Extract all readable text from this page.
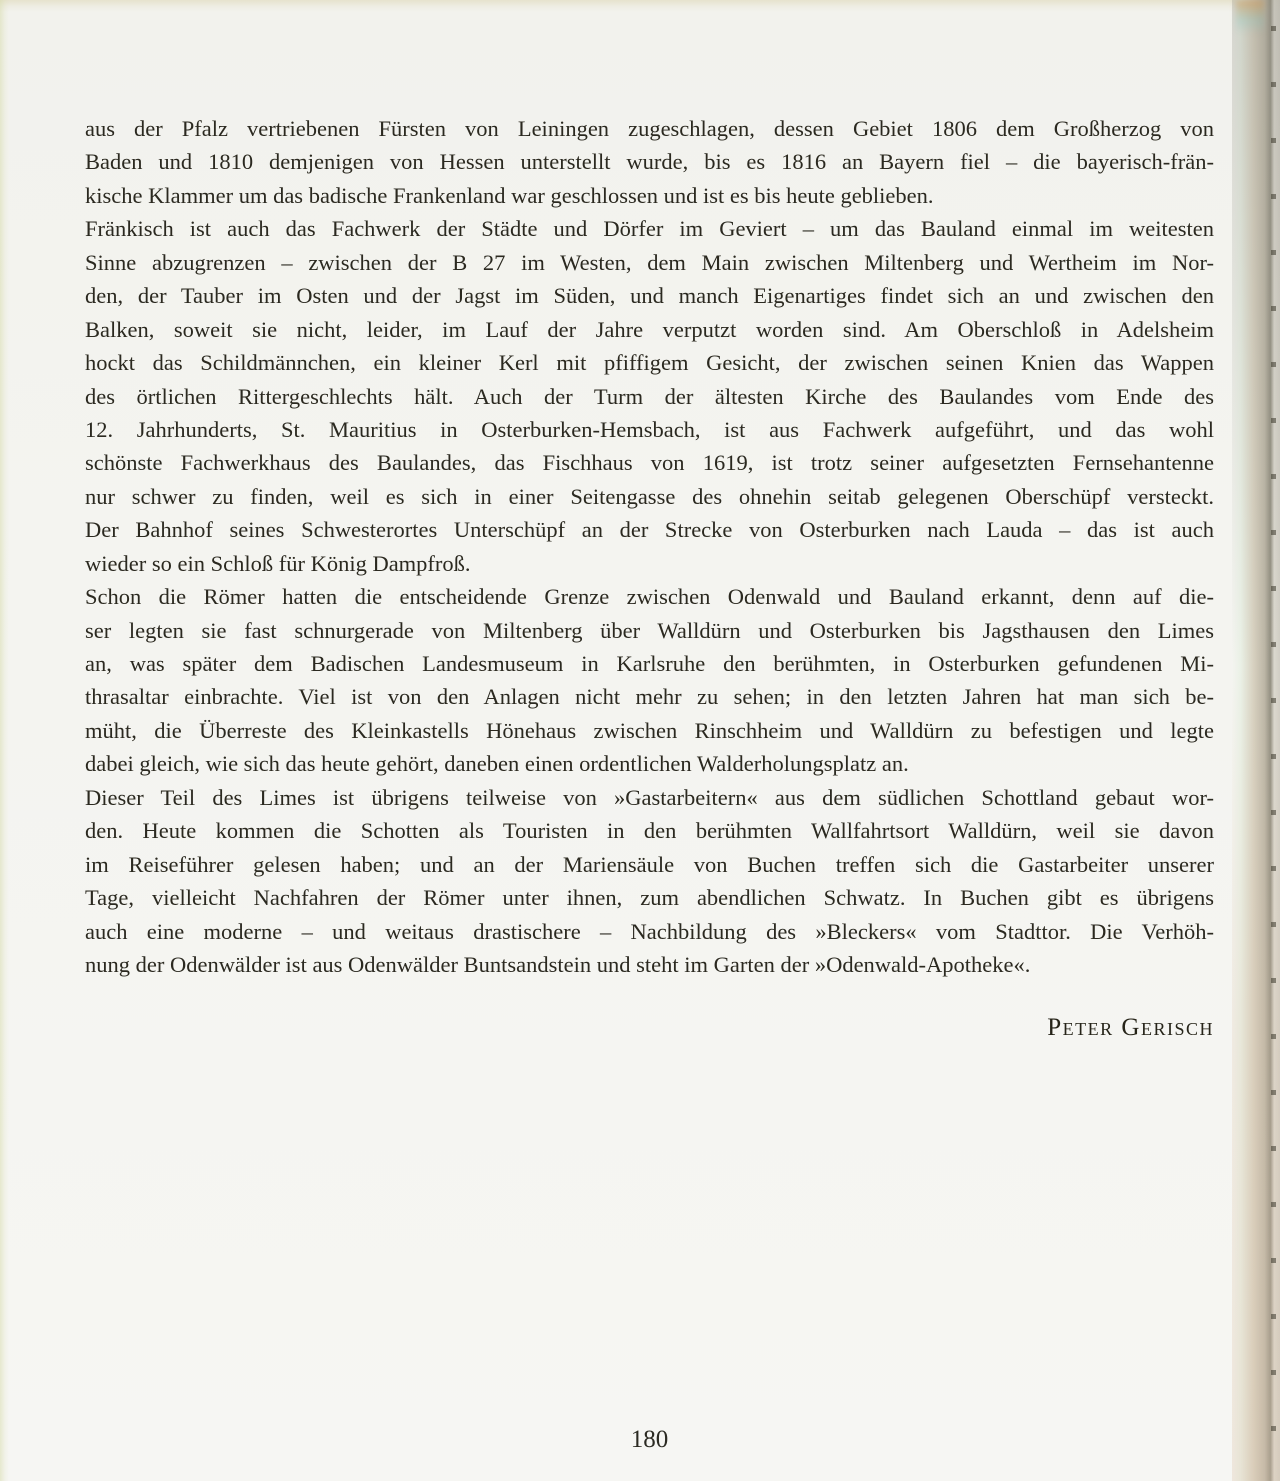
aus der Pfalz vertriebenen Fürsten von Leiningen zugeschlagen, dessen Gebiet 1806 dem Großherzog von
Baden und 1810 demjenigen von Hessen unterstellt wurde, bis es 1816 an Bayern fiel – die bayerisch-frän-
kische Klammer um das badische Frankenland war geschlossen und ist es bis heute geblieben.
Fränkisch ist auch das Fachwerk der Städte und Dörfer im Geviert – um das Bauland einmal im weitesten
Sinne abzugrenzen – zwischen der B 27 im Westen, dem Main zwischen Miltenberg und Wertheim im Nor-
den, der Tauber im Osten und der Jagst im Süden, und manch Eigenartiges findet sich an und zwischen den
Balken, soweit sie nicht, leider, im Lauf der Jahre verputzt worden sind. Am Oberschloß in Adelsheim
hockt das Schildmännchen, ein kleiner Kerl mit pfiffigem Gesicht, der zwischen seinen Knien das Wappen
des örtlichen Rittergeschlechts hält. Auch der Turm der ältesten Kirche des Baulandes vom Ende des
12. Jahrhunderts, St. Mauritius in Osterburken-Hemsbach, ist aus Fachwerk aufgeführt, und das wohl
schönste Fachwerkhaus des Baulandes, das Fischhaus von 1619, ist trotz seiner aufgesetzten Fernsehantenne
nur schwer zu finden, weil es sich in einer Seitengasse des ohnehin seitab gelegenen Oberschüpf versteckt.
Der Bahnhof seines Schwesterortes Unterschüpf an der Strecke von Osterburken nach Lauda – das ist auch
wieder so ein Schloß für König Dampfroß.
Schon die Römer hatten die entscheidende Grenze zwischen Odenwald und Bauland erkannt, denn auf die-
ser legten sie fast schnurgerade von Miltenberg über Walldürn und Osterburken bis Jagsthausen den Limes
an, was später dem Badischen Landesmuseum in Karlsruhe den berühmten, in Osterburken gefundenen Mi-
thrasaltar einbrachte. Viel ist von den Anlagen nicht mehr zu sehen; in den letzten Jahren hat man sich be-
müht, die Überreste des Kleinkastells Hönehaus zwischen Rinschheim und Walldürn zu befestigen und legte
dabei gleich, wie sich das heute gehört, daneben einen ordentlichen Walderholungsplatz an.
Dieser Teil des Limes ist übrigens teilweise von »Gastarbeitern« aus dem südlichen Schottland gebaut wor-
den. Heute kommen die Schotten als Touristen in den berühmten Wallfahrtsort Walldürn, weil sie davon
im Reiseführer gelesen haben; und an der Mariensäule von Buchen treffen sich die Gastarbeiter unserer
Tage, vielleicht Nachfahren der Römer unter ihnen, zum abendlichen Schwatz. In Buchen gibt es übrigens
auch eine moderne – und weitaus drastischere – Nachbildung des »Bleckers« vom Stadttor. Die Verhöh-
nung der Odenwälder ist aus Odenwälder Buntsandstein und steht im Garten der »Odenwald-Apotheke«.
Peter Gerisch
180
